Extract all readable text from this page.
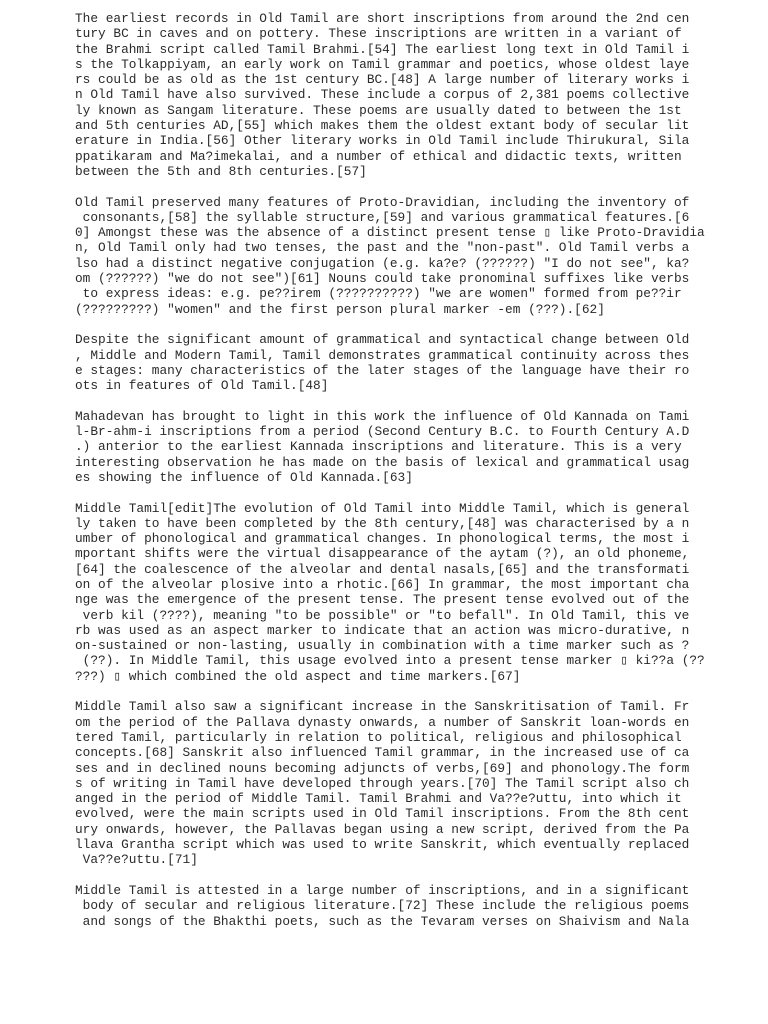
The earliest records in Old Tamil are short inscriptions from around the 2nd cen
tury BC in caves and on pottery. These inscriptions are written in a variant of
the Brahmi script called Tamil Brahmi.[54] The earliest long text in Old Tamil i
s the Tolkappiyam, an early work on Tamil grammar and poetics, whose oldest laye
rs could be as old as the 1st century BC.[48] A large number of literary works i
n Old Tamil have also survived. These include a corpus of 2,381 poems collective
ly known as Sangam literature. These poems are usually dated to between the 1st
and 5th centuries AD,[55] which makes them the oldest extant body of secular lit
erature in India.[56] Other literary works in Old Tamil include Thirukural, Sila
ppatikaram and Ma?imekalai, and a number of ethical and didactic texts, written
between the 5th and 8th centuries.[57]
Old Tamil preserved many features of Proto-Dravidian, including the inventory of
consonants,[58] the syllable structure,[59] and various grammatical features.[6
0] Amongst these was the absence of a distinct present tense ▯ like Proto-Dravidia
n, Old Tamil only had two tenses, the past and the "non-past". Old Tamil verbs a
lso had a distinct negative conjugation (e.g. ka?e? (??????) "I do not see", ka?
om (??????) "we do not see")[61] Nouns could take pronominal suffixes like verbs
to express ideas: e.g. pe??irem (??????????) "we are women" formed from pe??ir
(?????????) "women" and the first person plural marker -em (???).[62]
Despite the significant amount of grammatical and syntactical change between Old
, Middle and Modern Tamil, Tamil demonstrates grammatical continuity across thes
e stages: many characteristics of the later stages of the language have their ro
ots in features of Old Tamil.[48]
Mahadevan has brought to light in this work the influence of Old Kannada on Tami
l-Br-ahm-i inscriptions from a period (Second Century B.C. to Fourth Century A.D
.) anterior to the earliest Kannada inscriptions and literature. This is a very
interesting observation he has made on the basis of lexical and grammatical usag
es showing the influence of Old Kannada.[63]
Middle Tamil[edit]The evolution of Old Tamil into Middle Tamil, which is general
ly taken to have been completed by the 8th century,[48] was characterised by a n
umber of phonological and grammatical changes. In phonological terms, the most i
mportant shifts were the virtual disappearance of the aytam (?), an old phoneme,
[64] the coalescence of the alveolar and dental nasals,[65] and the transformati
on of the alveolar plosive into a rhotic.[66] In grammar, the most important cha
nge was the emergence of the present tense. The present tense evolved out of the
verb kil (????), meaning "to be possible" or "to befall". In Old Tamil, this ve
rb was used as an aspect marker to indicate that an action was micro-durative, n
on-sustained or non-lasting, usually in combination with a time marker such as ?
(??). In Middle Tamil, this usage evolved into a present tense marker ▯ ki??a (??
???) ▯ which combined the old aspect and time markers.[67]
Middle Tamil also saw a significant increase in the Sanskritisation of Tamil. Fr
om the period of the Pallava dynasty onwards, a number of Sanskrit loan-words en
tered Tamil, particularly in relation to political, religious and philosophical
concepts.[68] Sanskrit also influenced Tamil grammar, in the increased use of ca
ses and in declined nouns becoming adjuncts of verbs,[69] and phonology.The form
s of writing in Tamil have developed through years.[70] The Tamil script also ch
anged in the period of Middle Tamil. Tamil Brahmi and Va??e?uttu, into which it
evolved, were the main scripts used in Old Tamil inscriptions. From the 8th cent
ury onwards, however, the Pallavas began using a new script, derived from the Pa
llava Grantha script which was used to write Sanskrit, which eventually replaced
Va??e?uttu.[71]
Middle Tamil is attested in a large number of inscriptions, and in a significant
body of secular and religious literature.[72] These include the religious poems
and songs of the Bhakthi poets, such as the Tevaram verses on Shaivism and Nala
